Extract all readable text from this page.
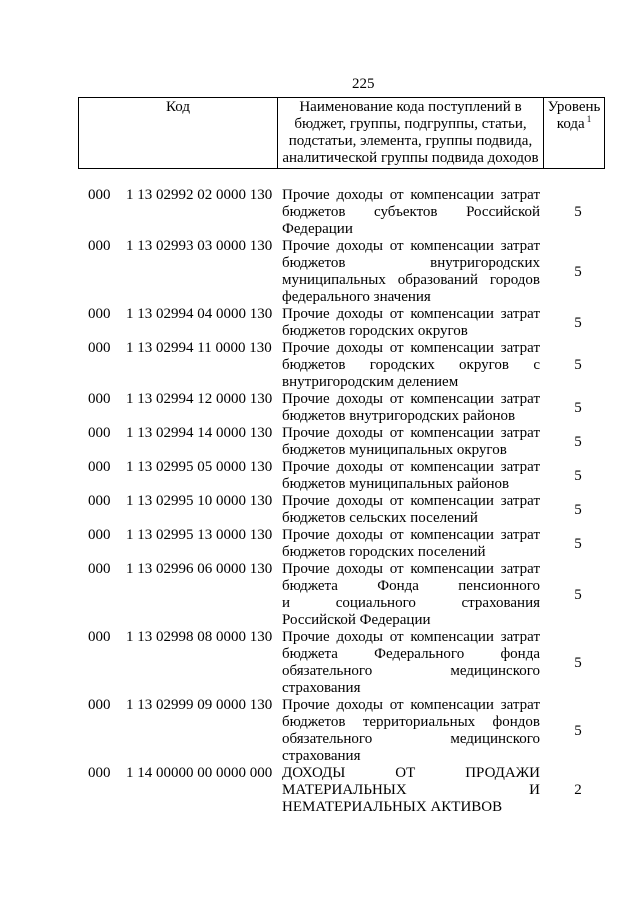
225
Код	Наименование кода поступлений в
бюджет, группы, подгруппы, статьи,
подстатьи, элемента, группы подвида,
аналитической группы подвида доходов
Уровень
кода $^1$
000 1 13 02992 02 0000 130 Прочие доходы от компенсации затрат
бюджетов субъектов Российской
Федерации
5
000 1 13 02993 03 0000 130 Прочие доходы от компенсации затрат
бюджетов внутригородских
муниципальных образований городов
федерального значения
5
000 1 13 02994 04 0000 130 Прочие доходы от компенсации затрат
бюджетов городских округов
5
000 1 13 02994 11 0000 130 Прочие доходы от компенсации затрат
бюджетов городских округов с
внутригородским делением
5
000 1 13 02994 12 0000 130 Прочие доходы от компенсации затрат
бюджетов внутригородских районов
5
000 1 13 02994 14 0000 130 Прочие доходы от компенсации затрат
бюджетов муниципальных округов
5
000 1 13 02995 05 0000 130 Прочие доходы от компенсации затрат
бюджетов муниципальных районов
5
000 1 13 02995 10 0000 130 Прочие доходы от компенсации затрат
бюджетов сельских поселений
5
000 1 13 02995 13 0000 130 Прочие доходы от компенсации затрат
бюджетов городских поселений
5
000 1 13 02996 06 0000 130 Прочие доходы от компенсации затрат
бюджета Фонда пенсионного
и социального страхования
Российской Федерации
5
000 1 13 02998 08 0000 130 Прочие доходы от компенсации затрат
бюджета Федерального фонда
обязательного медицинского
страхования
5
000 1 13 02999 09 0000 130 Прочие доходы от компенсации затрат
бюджетов территориальных фондов
обязательного медицинского
страхования
5
000 1 14 00000 00 0000 000 ДОХОДЫ ОТ ПРОДАЖИ
МАТЕРИАЛЬНЫХ И
НЕМАТЕРИАЛЬНЫХ АКТИВОВ
2
